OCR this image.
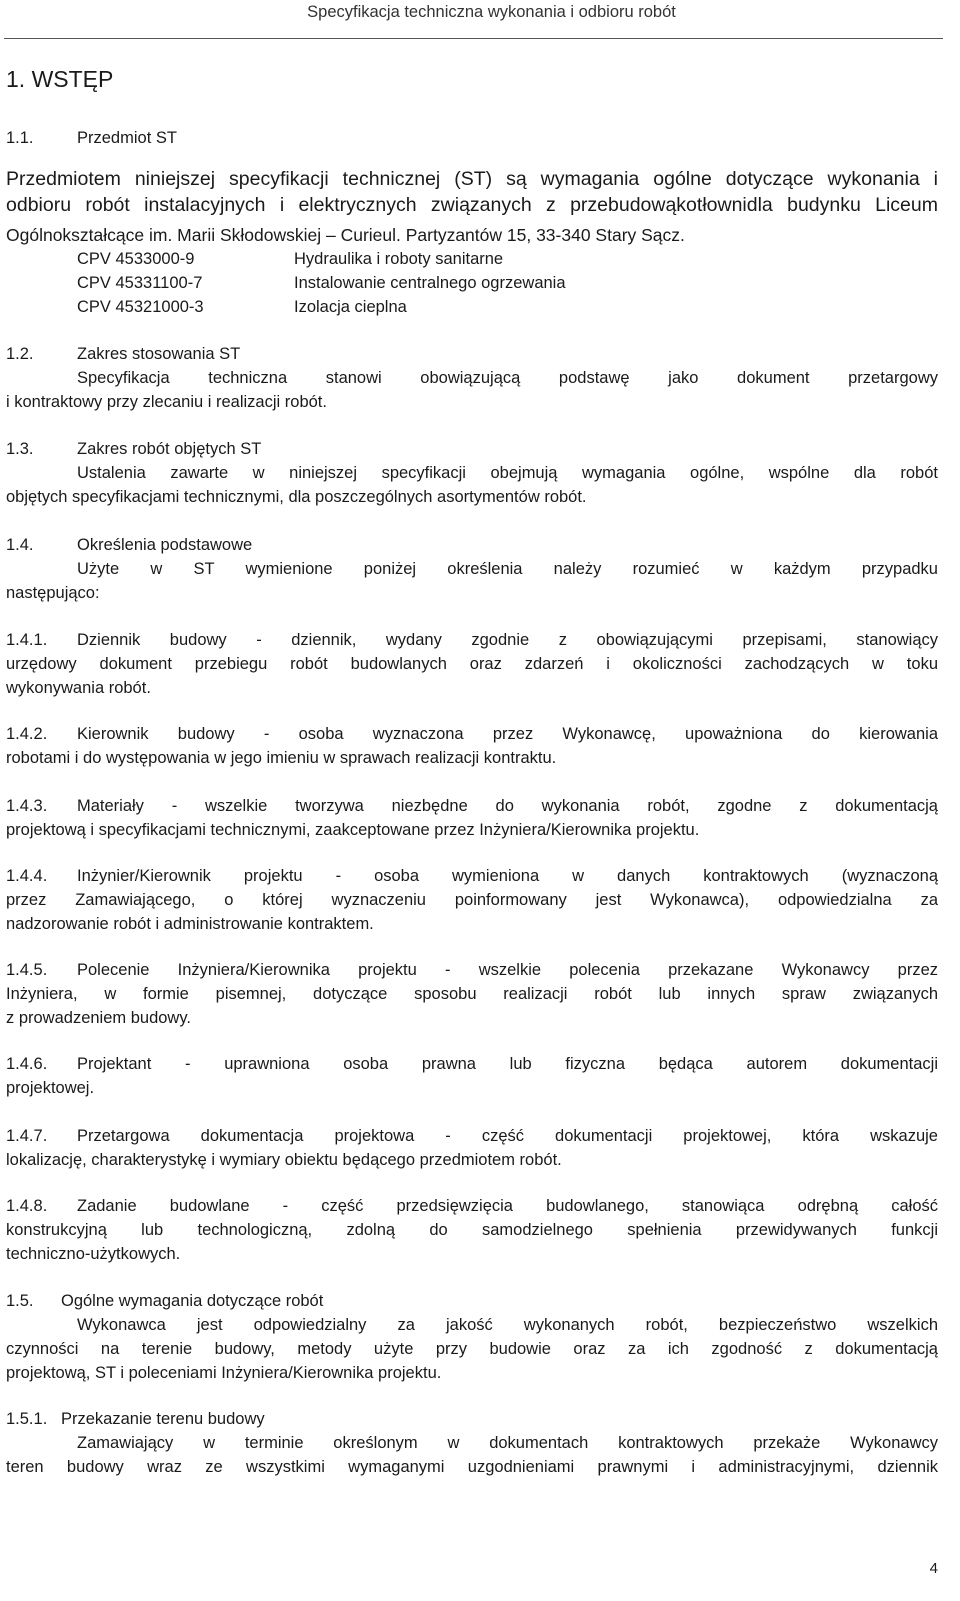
Specyfikacja techniczna wykonania i odbioru robót
1. WSTĘP
1.1.	Przedmiot ST
Przedmiotem niniejszej specyfikacji technicznej (ST) są wymagania ogólne dotyczące wykonania i
odbioru robót instalacyjnych i elektrycznych związanych z przebudowąkotłownidla budynku Liceum
Ogólnokształcące im. Marii Skłodowskiej – Curieul. Partyzantów 15, 33-340 Stary Sącz.
CPV 4533000-9	Hydraulika i roboty sanitarne
CPV 45331100-7	Instalowanie centralnego ogrzewania
CPV 45321000-3	Izolacja cieplna
1.2.	Zakres stosowania ST
Specyfikacja techniczna stanowi obowiązującą podstawę jako dokument przetargowy
i kontraktowy przy zlecaniu i realizacji robót.
1.3.	Zakres robót objętych ST
Ustalenia zawarte w niniejszej specyfikacji obejmują wymagania ogólne, wspólne dla robót
objętych specyfikacjami technicznymi, dla poszczególnych asortymentów robót.
1.4.	Określenia podstawowe
Użyte w ST wymienione poniżej określenia należy rozumieć w każdym przypadku
następująco:
1.4.1. Dziennik budowy - dziennik, wydany zgodnie z obowiązującymi przepisami, stanowiący
urzędowy dokument przebiegu robót budowlanych oraz zdarzeń i okoliczności zachodzących w toku
wykonywania robót.
1.4.2. Kierownik budowy - osoba wyznaczona przez Wykonawcę, upoważniona do kierowania
robotami i do występowania w jego imieniu w sprawach realizacji kontraktu.
1.4.3. Materiały - wszelkie tworzywa niezbędne do wykonania robót, zgodne z dokumentacją
projektową i specyfikacjami technicznymi, zaakceptowane przez Inżyniera/Kierownika projektu.
1.4.4. Inżynier/Kierownik projektu - osoba wymieniona w danych kontraktowych (wyznaczoną
przez Zamawiającego, o której wyznaczeniu poinformowany jest Wykonawca), odpowiedzialna za
nadzorowanie robót i administrowanie kontraktem.
1.4.5. Polecenie Inżyniera/Kierownika projektu - wszelkie polecenia przekazane Wykonawcy przez
Inżyniera, w formie pisemnej, dotyczące sposobu realizacji robót lub innych spraw związanych
z prowadzeniem budowy.
1.4.6. Projektant - uprawniona osoba prawna lub fizyczna będąca autorem dokumentacji
projektowej.
1.4.7. Przetargowa dokumentacja projektowa - część dokumentacji projektowej, która wskazuje
lokalizację, charakterystykę i wymiary obiektu będącego przedmiotem robót.
1.4.8. Zadanie budowlane - część przedsięwzięcia budowlanego, stanowiąca odrębną całość
konstrukcyjną lub technologiczną, zdolną do samodzielnego spełnienia przewidywanych funkcji
techniczno-użytkowych.
1.5. Ogólne wymagania dotyczące robót
Wykonawca jest odpowiedzialny za jakość wykonanych robót, bezpieczeństwo wszelkich
czynności na terenie budowy, metody użyte przy budowie oraz za ich zgodność z dokumentacją
projektową, ST i poleceniami Inżyniera/Kierownika projektu.
1.5.1. Przekazanie terenu budowy
Zamawiający w terminie określonym w dokumentach kontraktowych przekaże Wykonawcy
teren budowy wraz ze wszystkimi wymaganymi uzgodnieniami prawnymi i administracyjnymi, dziennik
4
